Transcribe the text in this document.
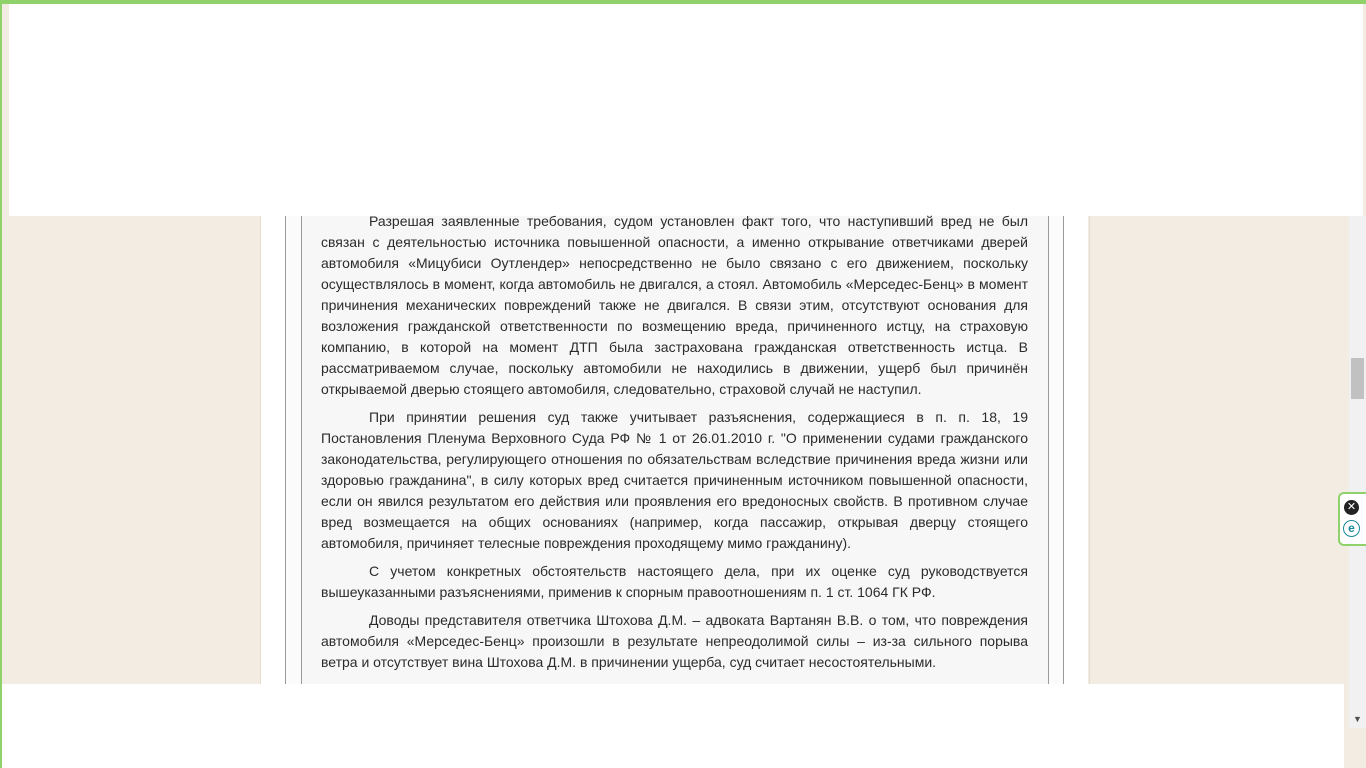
Разрешая заявленные требования, судом установлен факт того, что наступивший вред не был связан с деятельностью источника повышенной опасности, а именно открывание ответчиками дверей автомобиля «Мицубиси Оутлендер» непосредственно не было связано с его движением, поскольку осуществлялось в момент, когда автомобиль не двигался, а стоял. Автомобиль «Мерседес-Бенц» в момент причинения механических повреждений также не двигался. В связи этим, отсутствуют основания для возложения гражданской ответственности по возмещению вреда, причиненного истцу, на страховую компанию, в которой на момент ДТП была застрахована гражданская ответственность истца. В рассматриваемом случае, поскольку автомобили не находились в движении, ущерб был причинён открываемой дверью стоящего автомобиля, следовательно, страховой случай не наступил.

При принятии решения суд также учитывает разъяснения, содержащиеся в п. п. 18, 19 Постановления Пленума Верховного Суда РФ № 1 от 26.01.2010 г. "О применении судами гражданского законодательства, регулирующего отношения по обязательствам вследствие причинения вреда жизни или здоровью гражданина", в силу которых вред считается причиненным источником повышенной опасности, если он явился результатом его действия или проявления его вредоносных свойств. В противном случае вред возмещается на общих основаниях (например, когда пассажир, открывая дверцу стоящего автомобиля, причиняет телесные повреждения проходящему мимо гражданину).

С учетом конкретных обстоятельств настоящего дела, при их оценке суд руководствуется вышеуказанными разъяснениями, применив к спорным правоотношениям п. 1 ст. 1064 ГК РФ.

Доводы представителя ответчика Штохова Д.М. – адвоката Вартанян В.В. о том, что повреждения автомобиля «Мерседес-Бенц» произошли в результате непреодолимой силы – из-за сильного порыва ветра и отсутствует вина Штохова Д.М. в причинении ущерба, суд считает несостоятельными.

▼
✕
e
